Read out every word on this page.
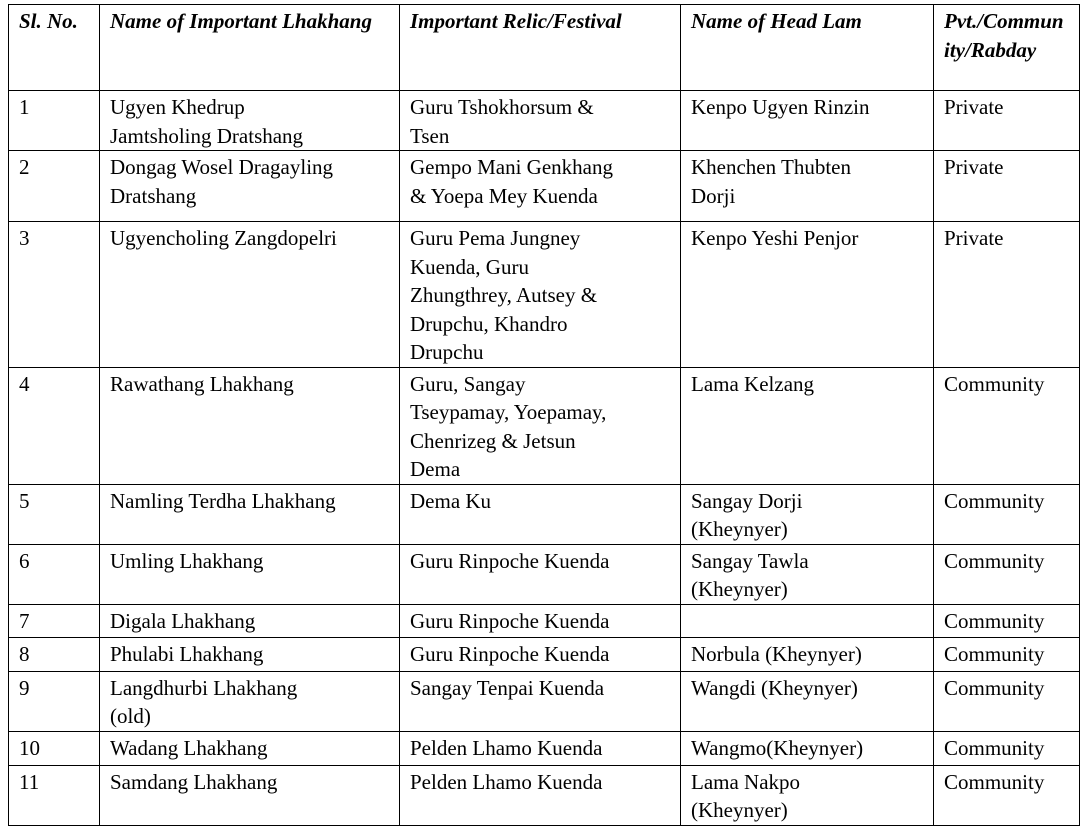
Sl. No.	Name of Important Lhakhang	Important Relic/Festival	Name of Head Lam	Pvt./Community/Rabday
1	Ugyen Khedrup
Jamtsholing Dratshang	Guru Tshokhorsum &
Tsen	Kenpo Ugyen Rinzin	Private
2	Dongag Wosel Dragayling
Dratshang	Gempo Mani Genkhang
& Yoepa Mey Kuenda	Khenchen Thubten
Dorji	Private
3	Ugyencholing Zangdopelri	Guru Pema Jungney
Kuenda, Guru
Zhungthrey, Autsey &
Drupchu, Khandro
Drupchu	Kenpo Yeshi Penjor	Private
4	Rawathang Lhakhang	Guru, Sangay
Tseypamay, Yoepamay,
Chenrizeg & Jetsun
Dema	Lama Kelzang	Community
5	Namling Terdha Lhakhang	Dema Ku	Sangay Dorji
(Kheynyer)	Community
6	Umling Lhakhang	Guru Rinpoche Kuenda	Sangay Tawla
(Kheynyer)	Community
7	Digala Lhakhang	Guru Rinpoche Kuenda		Community
8	Phulabi Lhakhang	Guru Rinpoche Kuenda	Norbula (Kheynyer)	Community
9	Langdhurbi Lhakhang
(old)	Sangay Tenpai Kuenda	Wangdi (Kheynyer)	Community
10	Wadang Lhakhang	Pelden Lhamo Kuenda	Wangmo(Kheynyer)	Community
11	Samdang Lhakhang	Pelden Lhamo Kuenda	Lama Nakpo
(Kheynyer)	Community
